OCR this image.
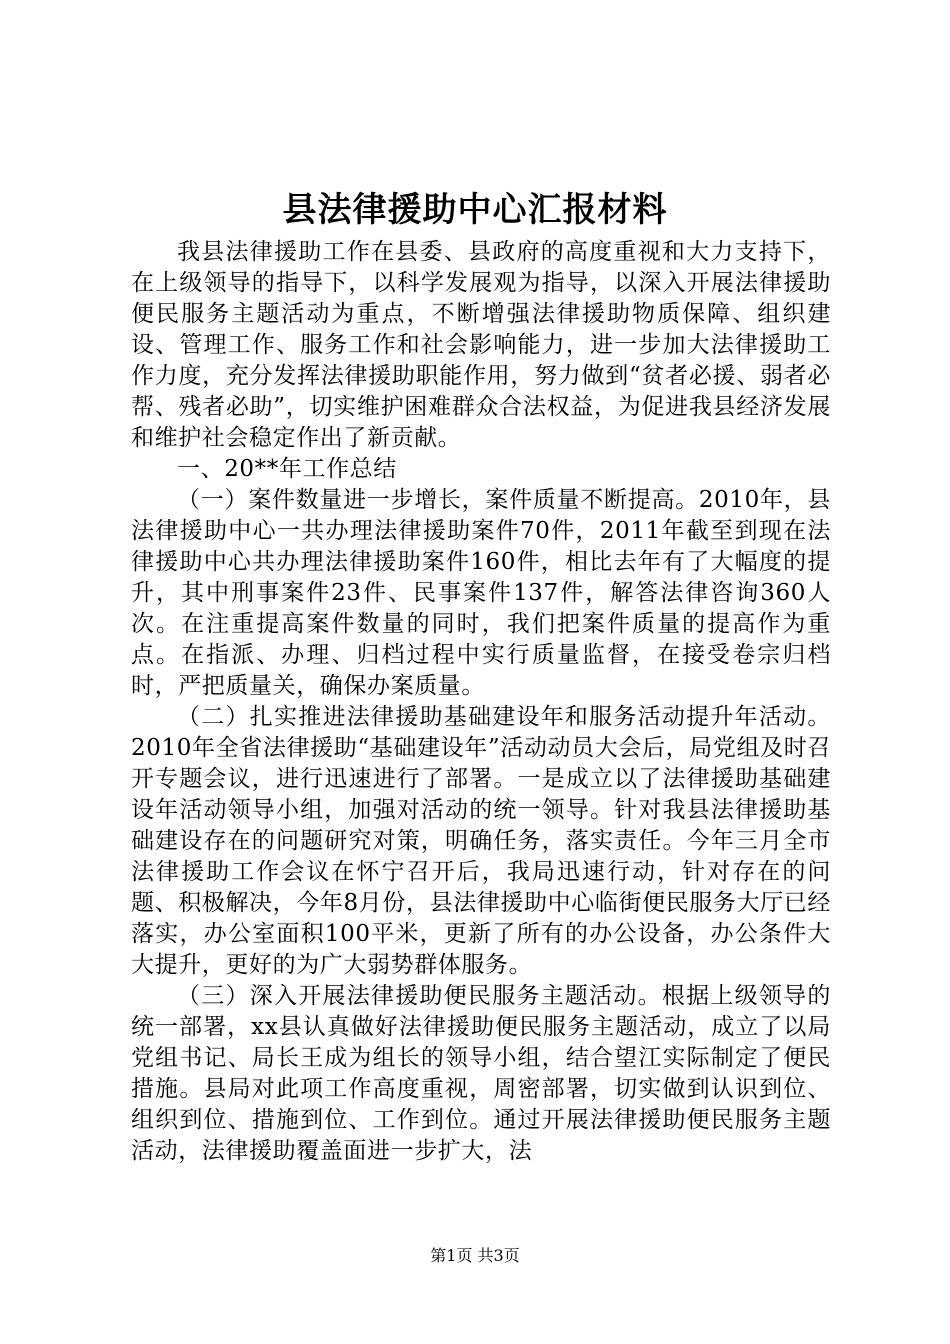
县法律援助中心汇报材料

我县法律援助工作在县委、县政府的高度重视和大力支持下，在上级领导的指导下，以科学发展观为指导，以深入开展法律援助便民服务主题活动为重点，不断增强法律援助物质保障、组织建设、管理工作、服务工作和社会影响能力，进一步加大法律援助工作力度，充分发挥法律援助职能作用，努力做到“贫者必援、弱者必帮、残者必助”，切实维护困难群众合法权益，为促进我县经济发展和维护社会稳定作出了新贡献。

一、20**年工作总结

（一）案件数量进一步增长，案件质量不断提高。2010年，县法律援助中心一共办理法律援助案件70件，2011年截至到现在法律援助中心共办理法律援助案件160件，相比去年有了大幅度的提升，其中刑事案件23件、民事案件137件，解答法律咨询360人次。在注重提高案件数量的同时，我们把案件质量的提高作为重点。在指派、办理、归档过程中实行质量监督，在接受卷宗归档时，严把质量关，确保办案质量。

（二）扎实推进法律援助基础建设年和服务活动提升年活动。2010年全省法律援助“基础建设年”活动动员大会后，局党组及时召开专题会议，进行迅速进行了部署。一是成立以了法律援助基础建设年活动领导小组，加强对活动的统一领导。针对我县法律援助基础建设存在的问题研究对策，明确任务，落实责任。今年三月全市法律援助工作会议在怀宁召开后，我局迅速行动，针对存在的问题、积极解决，今年8月份，县法律援助中心临街便民服务大厅已经落实，办公室面积100平米，更新了所有的办公设备，办公条件大大提升，更好的为广大弱势群体服务。

（三）深入开展法律援助便民服务主题活动。根据上级领导的统一部署，xx县认真做好法律援助便民服务主题活动，成立了以局党组书记、局长王成为组长的领导小组，结合望江实际制定了便民措施。县局对此项工作高度重视，周密部署，切实做到认识到位、组织到位、措施到位、工作到位。通过开展法律援助便民服务主题活动，法律援助覆盖面进一步扩大，法

第1页 共3页
